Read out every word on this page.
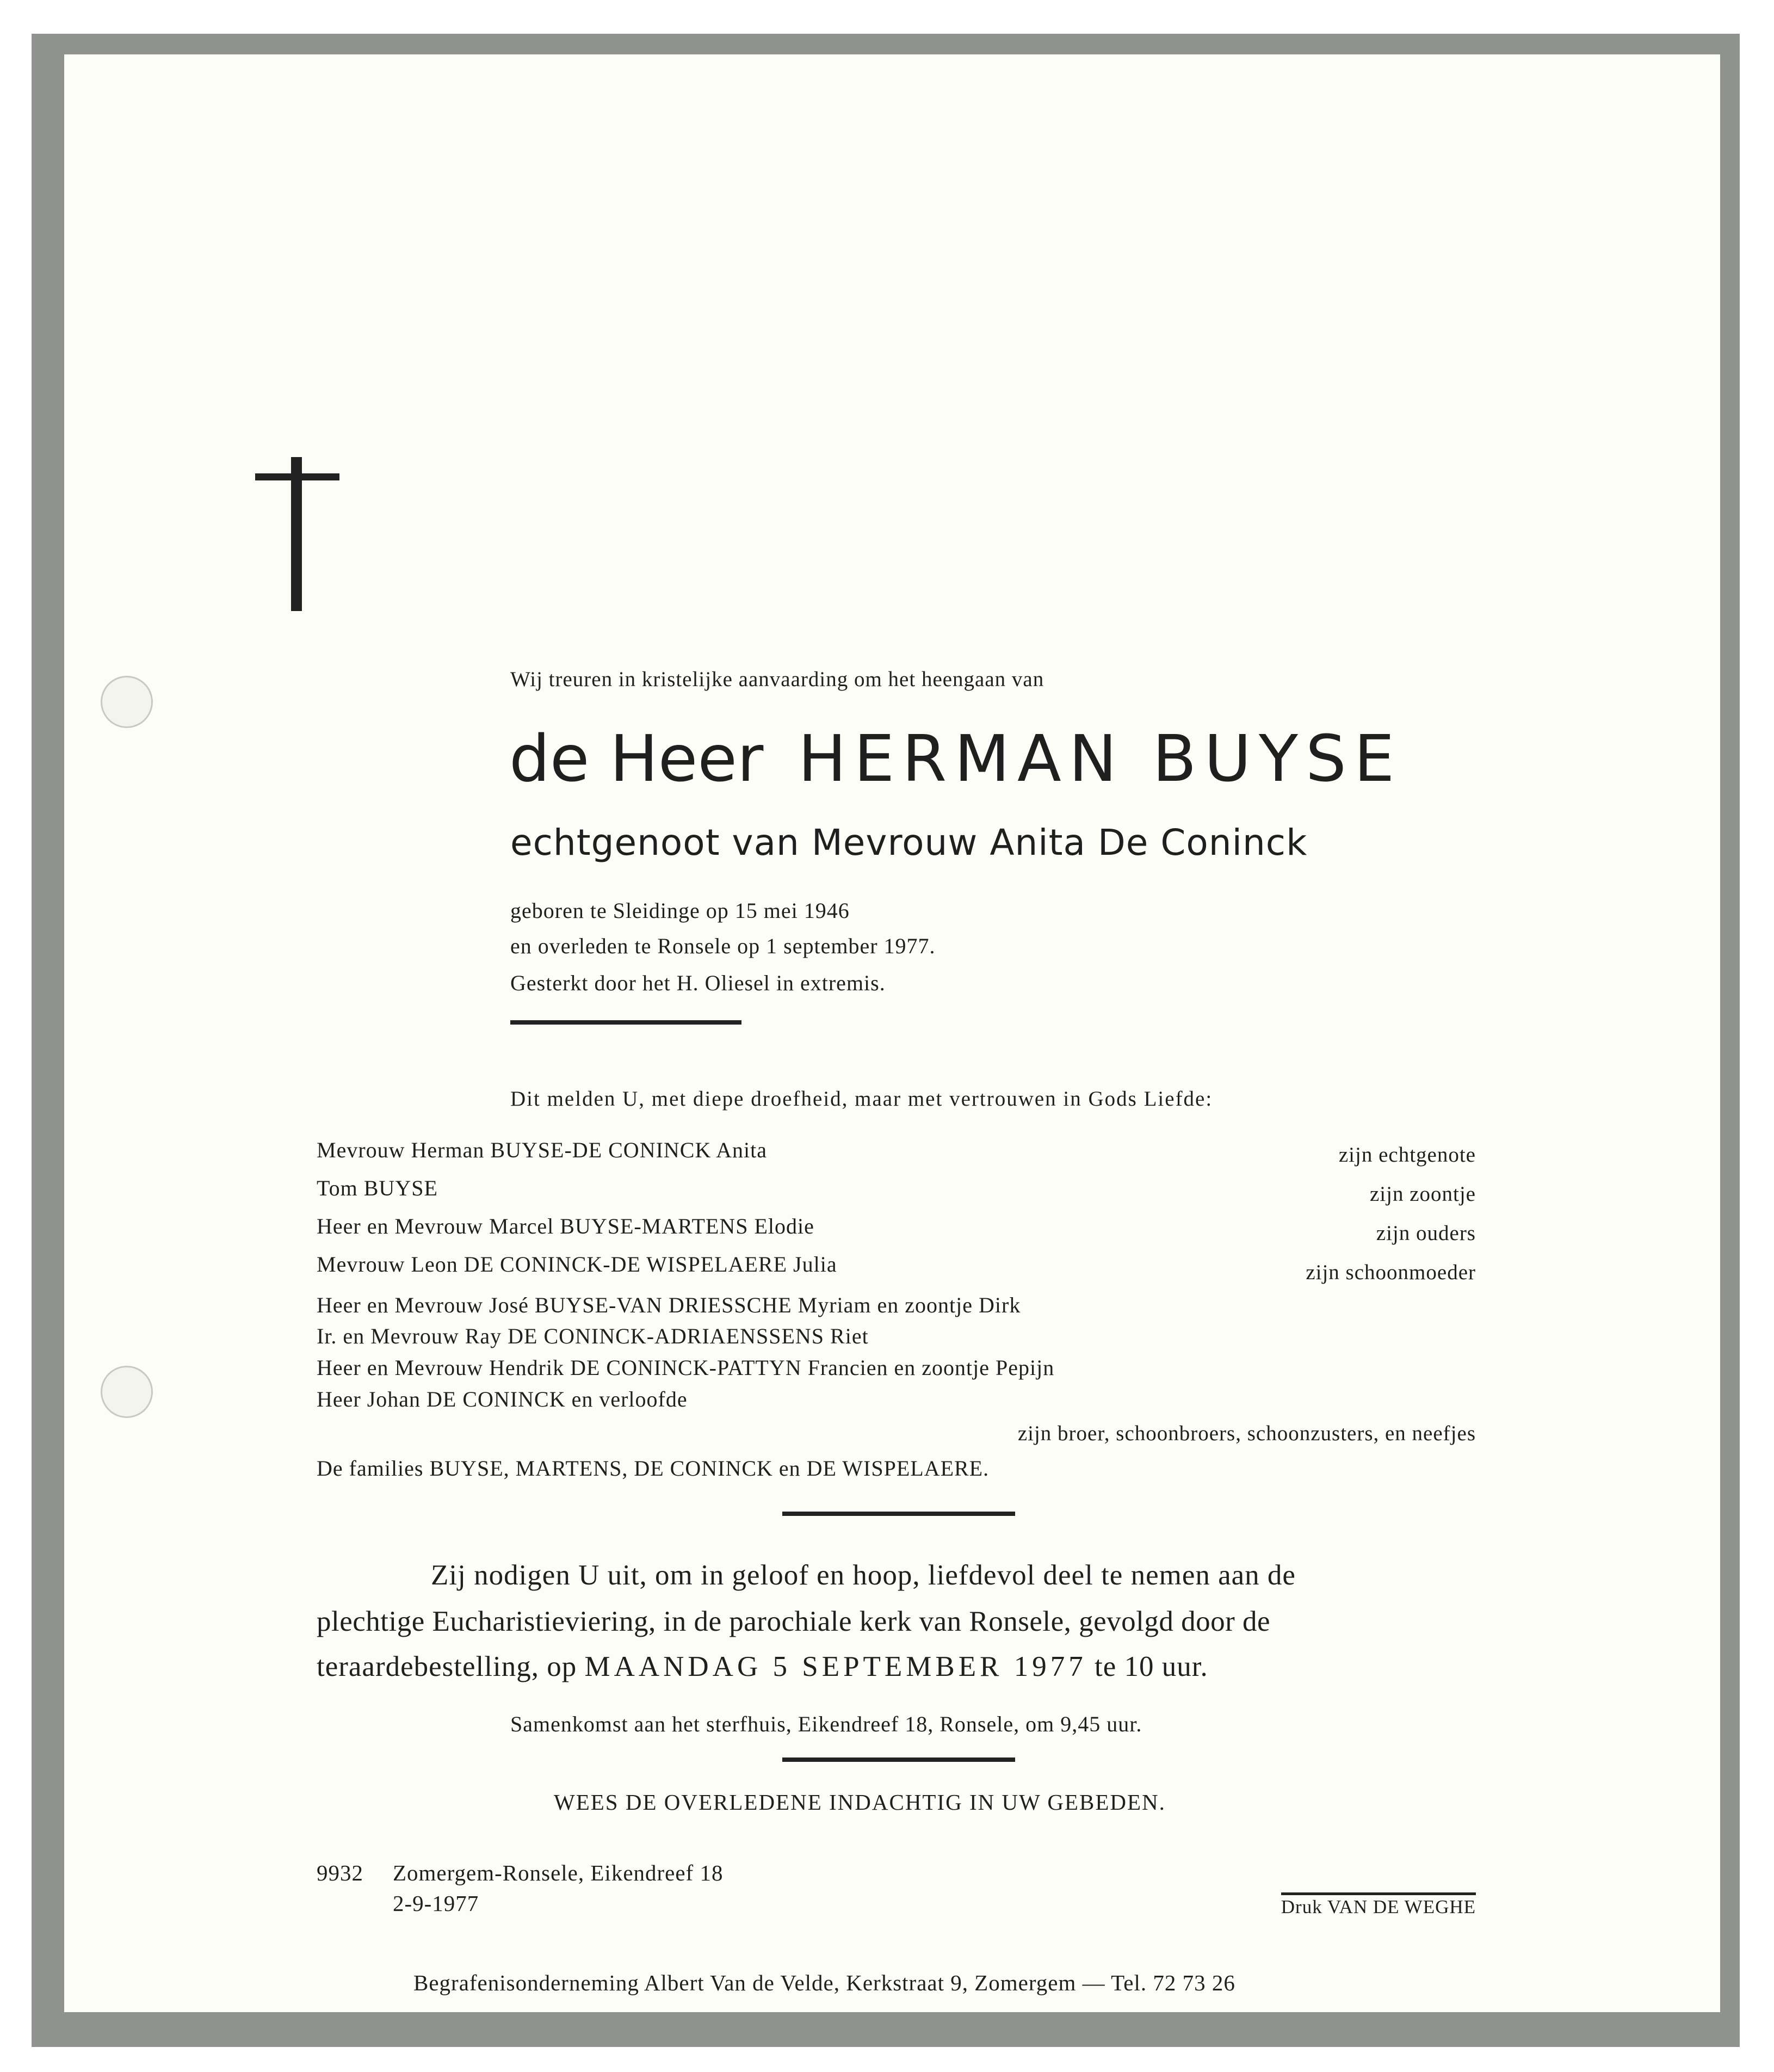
Wij treuren in kristelijke aanvaarding om het heengaan van
de Heer HERMAN BUYSE
echtgenoot van Mevrouw Anita De Coninck
geboren te Sleidinge op 15 mei 1946
en overleden te Ronsele op 1 september 1977.
Gesterkt door het H. Oliesel in extremis.
Dit melden U, met diepe droefheid, maar met vertrouwen in Gods Liefde:
Mevrouw Herman BUYSE-DE CONINCK Anita	zijn echtgenote
Tom BUYSE	zijn zoontje
Heer en Mevrouw Marcel BUYSE-MARTENS Elodie	zijn ouders
Mevrouw Leon DE CONINCK-DE WISPELAERE Julia	zijn schoonmoeder
Heer en Mevrouw José BUYSE-VAN DRIESSCHE Myriam en zoontje Dirk
Ir. en Mevrouw Ray DE CONINCK-ADRIAENSSENS Riet
Heer en Mevrouw Hendrik DE CONINCK-PATTYN Francien en zoontje Pepijn
Heer Johan DE CONINCK en verloofde
zijn broer, schoonbroers, schoonzusters, en neefjes
De families BUYSE, MARTENS, DE CONINCK en DE WISPELAERE.
Zij nodigen U uit, om in geloof en hoop, liefdevol deel te nemen aan de
plechtige Eucharistieviering, in de parochiale kerk van Ronsele, gevolgd door de
teraardebestelling, op MAANDAG 5 SEPTEMBER 1977 te 10 uur.
Samenkomst aan het sterfhuis, Eikendreef 18, Ronsele, om 9,45 uur.
WEES DE OVERLEDENE INDACHTIG IN UW GEBEDEN.
9932 Zomergem-Ronsele, Eikendreef 18
2-9-1977	Druk VAN DE WEGHE
Begrafenisonderneming Albert Van de Velde, Kerkstraat 9, Zomergem — Tel. 72 73 26
